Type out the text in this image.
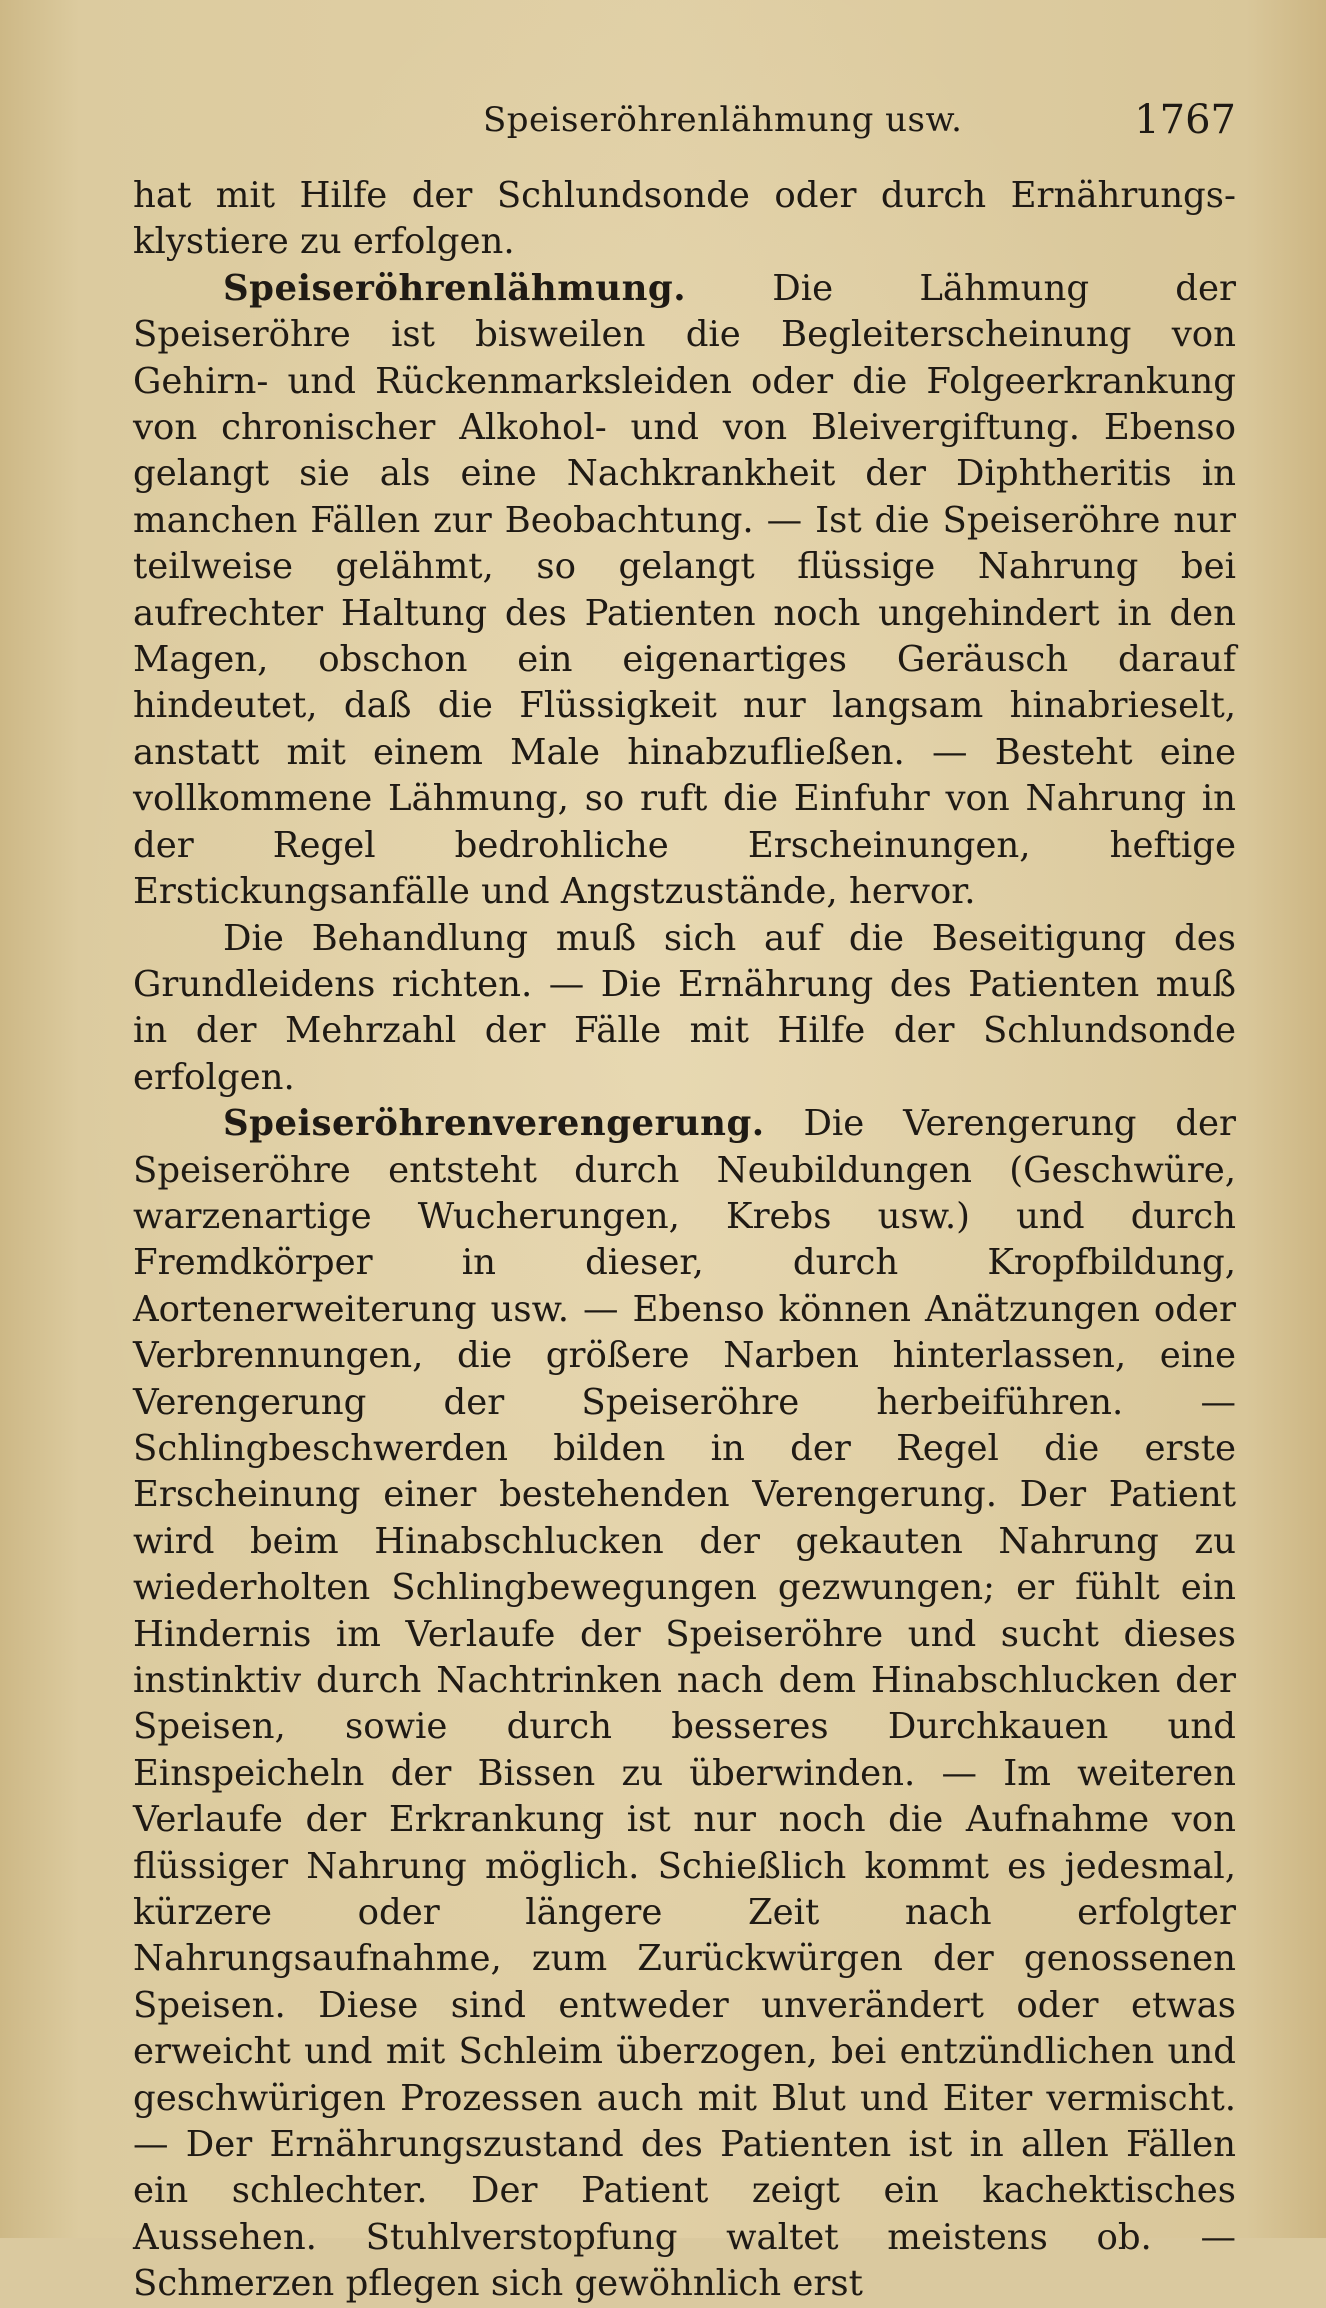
Speiseröhrenlähmung usw.	1767

hat mit Hilfe der Schlundsonde oder durch Ernährungs-klystiere zu erfolgen.

Speiseröhrenlähmung. Die Lähmung der Speiseröhre ist bisweilen die Begleiterscheinung von Gehirn- und Rückenmarksleiden oder die Folgeerkrankung von chronischer Alkohol- und von Bleivergiftung. Ebenso gelangt sie als eine Nachkrankheit der Diphtheritis in manchen Fällen zur Beobachtung. — Ist die Speiseröhre nur teilweise gelähmt, so gelangt flüssige Nahrung bei aufrechter Haltung des Patienten noch ungehindert in den Magen, obschon ein eigenartiges Geräusch darauf hindeutet, daß die Flüssigkeit nur langsam hinabrieselt, anstatt mit einem Male hinabzufließen. — Besteht eine vollkommene Lähmung, so ruft die Einfuhr von Nahrung in der Regel bedrohliche Erscheinungen, heftige Erstickungsanfälle und Angstzustände, hervor.

Die Behandlung muß sich auf die Beseitigung des Grundleidens richten. — Die Ernährung des Patienten muß in der Mehrzahl der Fälle mit Hilfe der Schlundsonde erfolgen.

Speiseröhrenverengerung. Die Verengerung der Speiseröhre entsteht durch Neubildungen (Geschwüre, warzenartige Wucherungen, Krebs usw.) und durch Fremdkörper in dieser, durch Kropfbildung, Aortenerweiterung usw. — Ebenso können Anätzungen oder Verbrennungen, die größere Narben hinterlassen, eine Verengerung der Speiseröhre herbeiführen. — Schlingbeschwerden bilden in der Regel die erste Erscheinung einer bestehenden Verengerung. Der Patient wird beim Hinabschlucken der gekauten Nahrung zu wiederholten Schlingbewegungen gezwungen; er fühlt ein Hindernis im Verlaufe der Speiseröhre und sucht dieses instinktiv durch Nachtrinken nach dem Hinabschlucken der Speisen, sowie durch besseres Durchkauen und Einspeicheln der Bissen zu überwinden. — Im weiteren Verlaufe der Erkrankung ist nur noch die Aufnahme von flüssiger Nahrung möglich. Schießlich kommt es jedesmal, kürzere oder längere Zeit nach erfolgter Nahrungsaufnahme, zum Zurückwürgen der genossenen Speisen. Diese sind entweder unverändert oder etwas erweicht und mit Schleim überzogen, bei entzündlichen und geschwürigen Prozessen auch mit Blut und Eiter vermischt. — Der Ernährungszustand des Patienten ist in allen Fällen ein schlechter. Der Patient zeigt ein kachektisches Aussehen. Stuhlverstopfung waltet meistens ob. — Schmerzen pflegen sich gewöhnlich erst
